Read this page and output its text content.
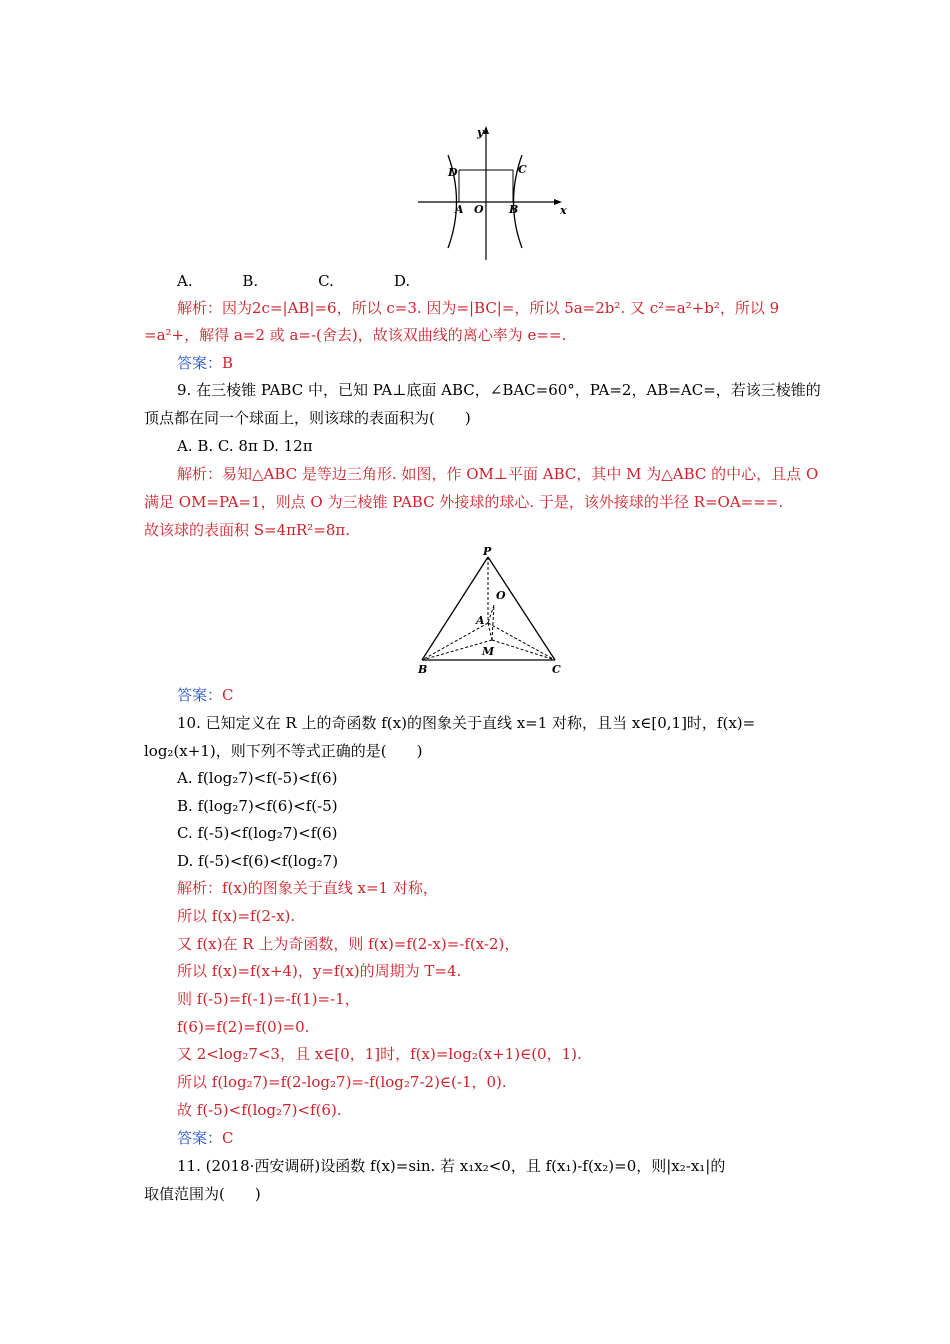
y
x
D	C
A O B
A.　　　 B.　　　　C.　　　　D.
解析：因为2c=|AB|=6，所以 c=3. 因为=|BC|=，所以 5a=2b². 又 c²=a²+b²，所以 9
=a²+，解得 a=2 或 a=-(舍去)，故该双曲线的离心率为 e==.
答案：B
9. 在三棱锥 PABC 中，已知 PA⊥底面 ABC，∠BAC=60°，PA=2，AB=AC=，若该三棱锥的
顶点都在同一个球面上，则该球的表面积为(　　)
A. B. C. 8π D. 12π
解析：易知△ABC 是等边三角形. 如图，作 OM⊥平面 ABC，其中 M 为△ABC 的中心，且点 O
满足 OM=PA=1，则点 O 为三棱锥 PABC 外接球的球心. 于是，该外接球的半径 R=OA===.
故该球的表面积 S=4πR²=8π.
P
O
A
M
B	C
答案：C
10. 已知定义在 R 上的奇函数 f(x)的图象关于直线 x=1 对称，且当 x∈[0,1]时，f(x)=
log₂(x+1)，则下列不等式正确的是(　　)
A. f(log₂7)<f(-5)<f(6)
B. f(log₂7)<f(6)<f(-5)
C. f(-5)<f(log₂7)<f(6)
D. f(-5)<f(6)<f(log₂7)
解析：f(x)的图象关于直线 x=1 对称，
所以 f(x)=f(2-x).
又 f(x)在 R 上为奇函数，则 f(x)=f(2-x)=-f(x-2)，
所以 f(x)=f(x+4)，y=f(x)的周期为 T=4.
则 f(-5)=f(-1)=-f(1)=-1，
f(6)=f(2)=f(0)=0.
又 2<log₂7<3，且 x∈[0，1]时，f(x)=log₂(x+1)∈(0，1).
所以 f(log₂7)=f(2-log₂7)=-f(log₂7-2)∈(-1，0).
故 f(-5)<f(log₂7)<f(6).
答案：C
11. (2018·西安调研)设函数 f(x)=sin. 若 x₁x₂<0，且 f(x₁)-f(x₂)=0，则|x₂-x₁|的
取值范围为(　　)
